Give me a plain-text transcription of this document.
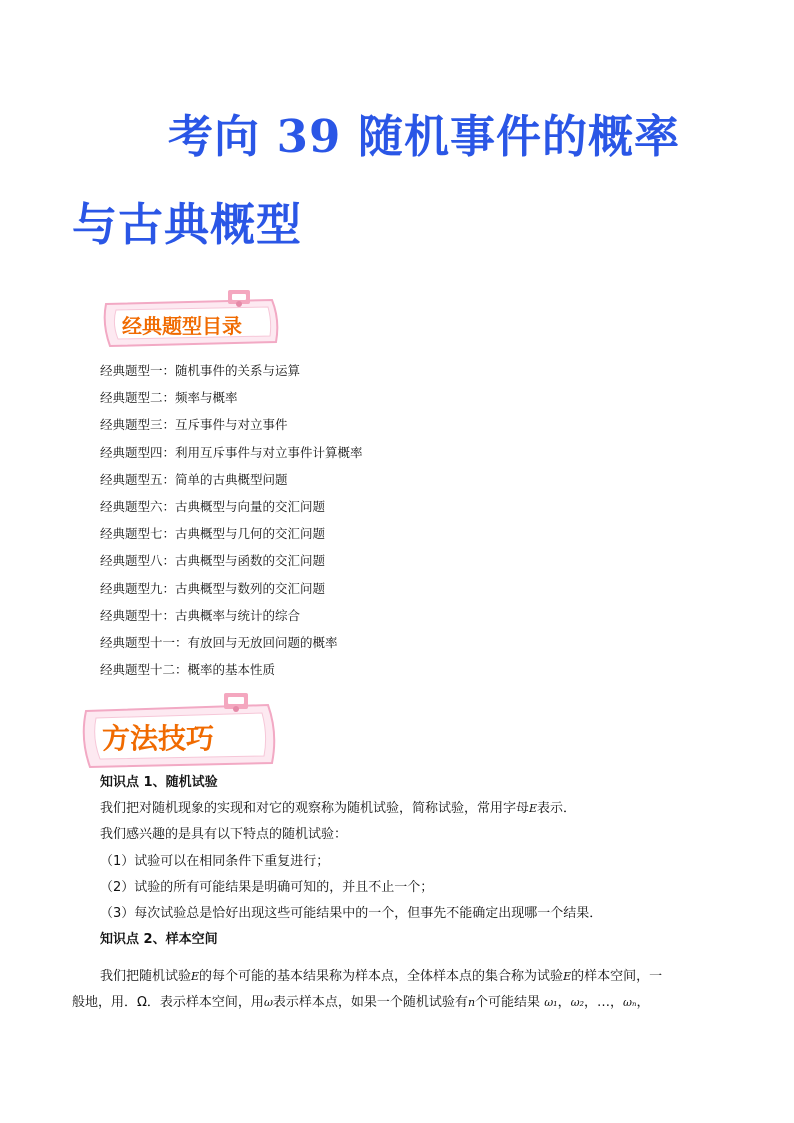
考向 39 随机事件的概率
与古典概型
经典题型目录
经典题型一：随机事件的关系与运算
经典题型二：频率与概率
经典题型三：互斥事件与对立事件
经典题型四：利用互斥事件与对立事件计算概率
经典题型五：简单的古典概型问题
经典题型六：古典概型与向量的交汇问题
经典题型七：古典概型与几何的交汇问题
经典题型八：古典概型与函数的交汇问题
经典题型九：古典概型与数列的交汇问题
经典题型十：古典概率与统计的综合
经典题型十一：有放回与无放回问题的概率
经典题型十二：概率的基本性质
方法技巧
知识点 1、随机试验
我们把对随机现象的实现和对它的观察称为随机试验，简称试验，常用字母E表示．
我们感兴趣的是具有以下特点的随机试验：
（1）试验可以在相同条件下重复进行；
（2）试验的所有可能结果是明确可知的，并且不止一个；
（3）每次试验总是恰好出现这些可能结果中的一个，但事先不能确定出现哪一个结果．
知识点 2、样本空间
我们把随机试验E的每个可能的基本结果称为样本点，全体样本点的集合称为试验E的样本空间，一
般地，用．Ω．表示样本空间，用ω表示样本点，如果一个随机试验有n个可能结果 ω₁，ω₂，…，ωₙ，
